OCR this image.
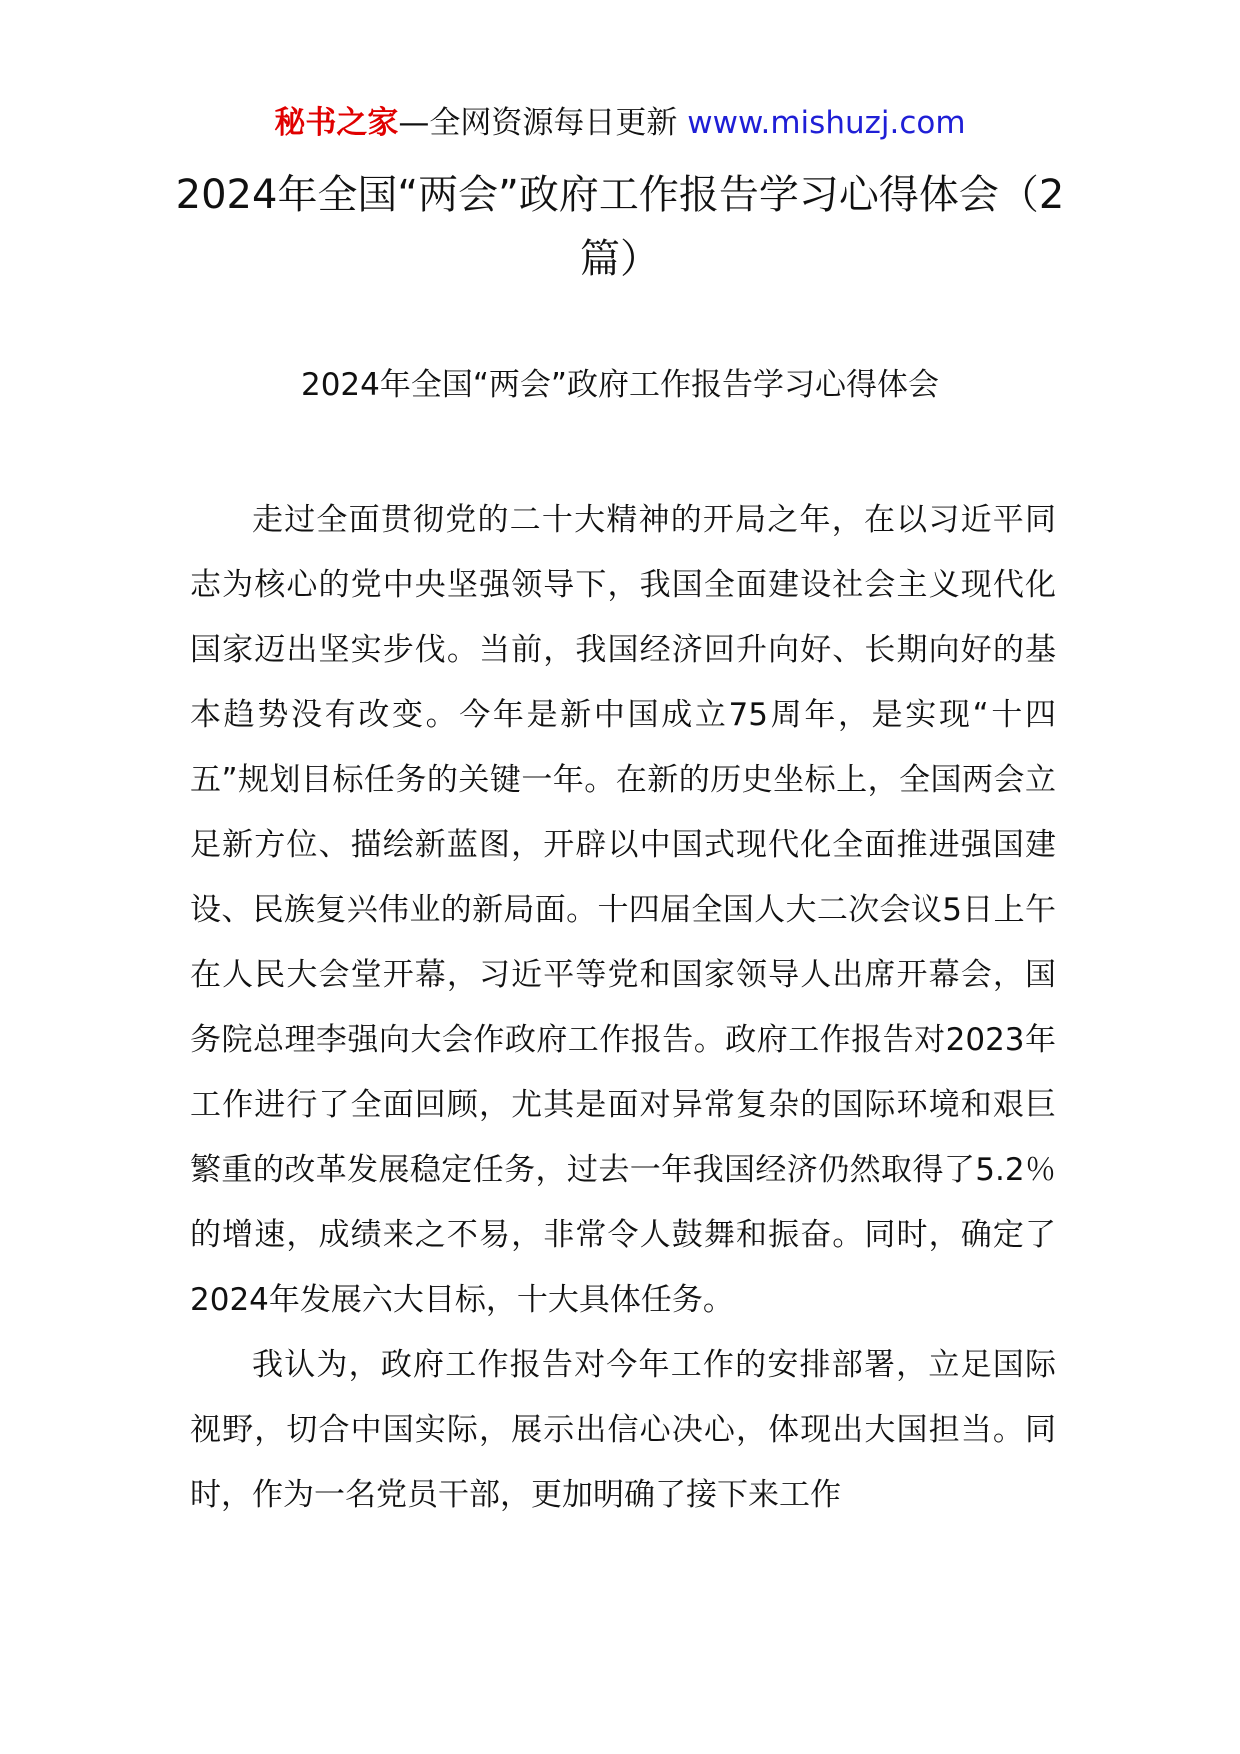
秘书之家—全网资源每日更新 www.mishuzj.com
2024年全国“两会”政府工作报告学习心得体会（2篇）
2024年全国“两会”政府工作报告学习心得体会

走过全面贯彻党的二十大精神的开局之年，在以习近平同志为核心的党中央坚强领导下，我国全面建设社会主义现代化国家迈出坚实步伐。当前，我国经济回升向好、长期向好的基本趋势没有改变。今年是新中国成立75周年，是实现“十四五”规划目标任务的关键一年。在新的历史坐标上，全国两会立足新方位、描绘新蓝图，开辟以中国式现代化全面推进强国建设、民族复兴伟业的新局面。十四届全国人大二次会议5日上午在人民大会堂开幕，习近平等党和国家领导人出席开幕会，国务院总理李强向大会作政府工作报告。政府工作报告对2023年工作进行了全面回顾，尤其是面对异常复杂的国际环境和艰巨繁重的改革发展稳定任务，过去一年我国经济仍然取得了5.2％的增速，成绩来之不易，非常令人鼓舞和振奋。同时，确定了2024年发展六大目标，十大具体任务。

我认为，政府工作报告对今年工作的安排部署，立足国际视野，切合中国实际，展示出信心决心，体现出大国担当。同时，作为一名党员干部，更加明确了接下来工作
